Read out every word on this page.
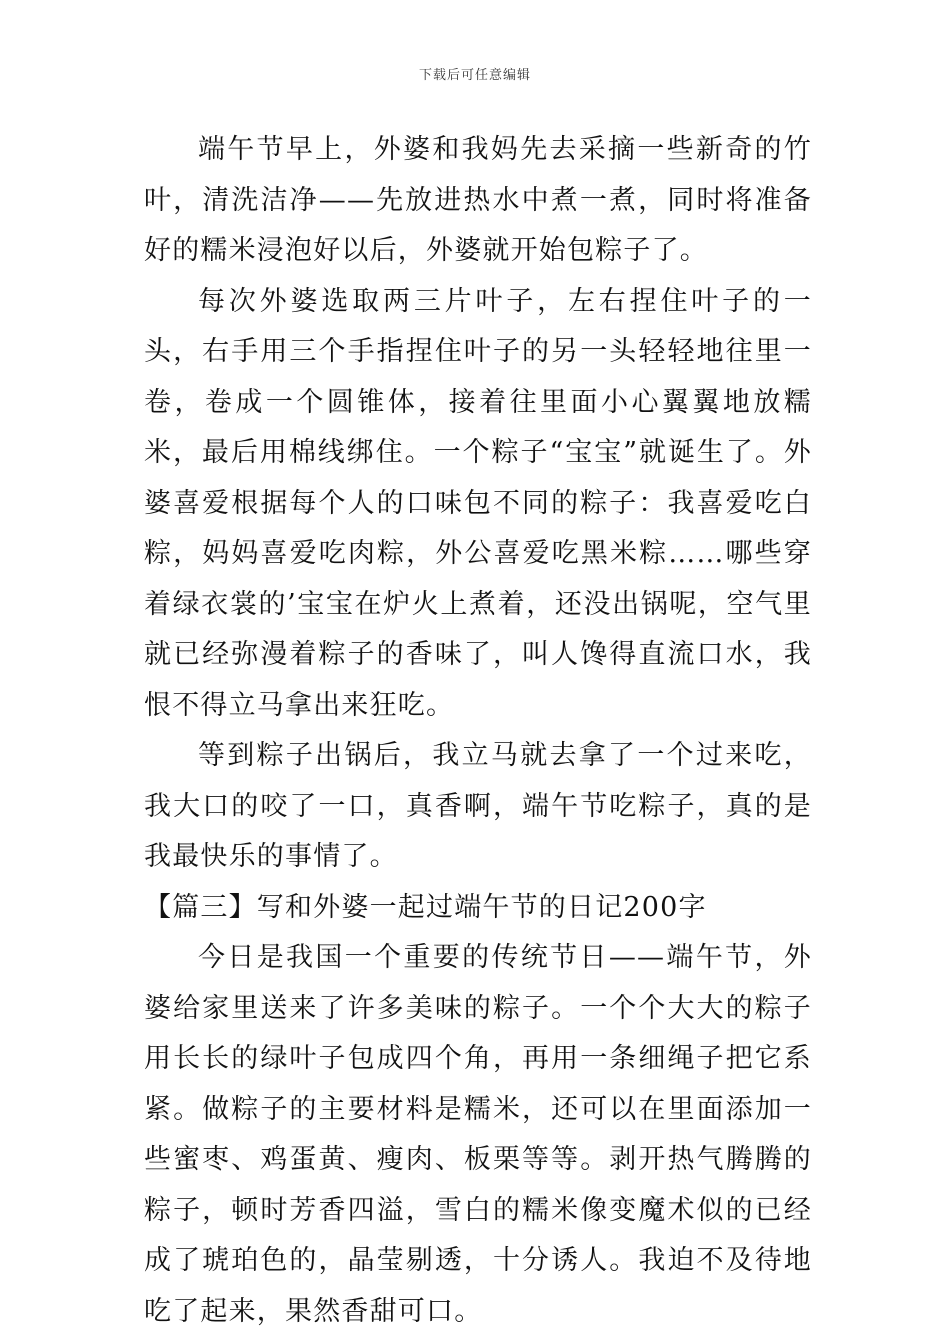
下载后可任意编辑

端午节早上，外婆和我妈先去采摘一些新奇的竹叶，清洗洁净——先放进热水中煮一煮，同时将准备好的糯米浸泡好以后，外婆就开始包粽子了。

每次外婆选取两三片叶子，左右捏住叶子的一头，右手用三个手指捏住叶子的另一头轻轻地往里一卷，卷成一个圆锥体，接着往里面小心翼翼地放糯米，最后用棉线绑住。一个粽子“宝宝”就诞生了。外婆喜爱根据每个人的口味包不同的粽子：我喜爱吃白粽，妈妈喜爱吃肉粽，外公喜爱吃黑米粽……哪些穿着绿衣裳的’宝宝在炉火上煮着，还没出锅呢，空气里就已经弥漫着粽子的香味了，叫人馋得直流口水，我恨不得立马拿出来狂吃。

等到粽子出锅后，我立马就去拿了一个过来吃，我大口的咬了一口，真香啊，端午节吃粽子，真的是我最快乐的事情了。

【篇三】写和外婆一起过端午节的日记200字

今日是我国一个重要的传统节日——端午节，外婆给家里送来了许多美味的粽子。一个个大大的粽子用长长的绿叶子包成四个角，再用一条细绳子把它系紧。做粽子的主要材料是糯米，还可以在里面添加一些蜜枣、鸡蛋黄、瘦肉、板栗等等。剥开热气腾腾的粽子，顿时芳香四溢，雪白的糯米像变魔术似的已经成了琥珀色的，晶莹剔透，十分诱人。我迫不及待地吃了起来，果然香甜可口。
